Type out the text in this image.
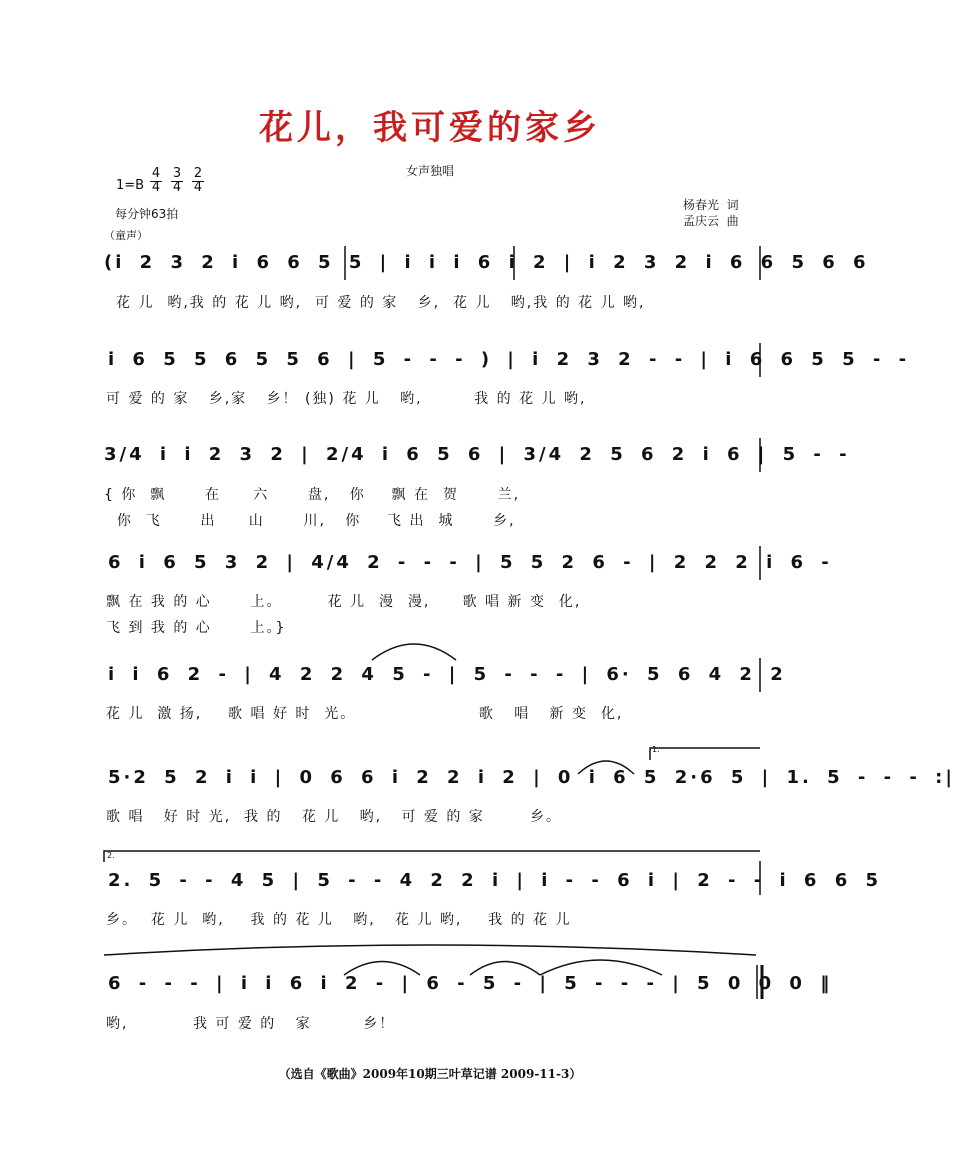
花儿，我可爱的家乡
女声独唱
1=B
4
4
3
4
2
4
每分钟63拍
杨春光 词
孟庆云 曲
（童声）
(i 2 3 2 i 6 6 5 5 | i i i 6 i 2 | i 2 3 2 i 6 6 5 6 6
花 儿  哟,我 的 花 儿 哟,  可 爱 的 家   乡,  花 儿   哟,我 的 花 儿 哟,
i 6 5 5 6 5 5 6 | 5 - - - ) | i 2 3 2 - - | i 6 6 5 5 - -
可 爱 的 家   乡,家   乡！ (独) 花 儿   哟,        我 的 花 儿 哟,
3/4 i i 2 3 2 | 2/4 i 6 5 6 | 3/4 2 5 6 2 i 6 | 5 - -
{ 你  飘      在     六      盘,   你    飘 在  贺      兰,
你  飞      出     山      川,   你    飞 出  城      乡,
6 i 6 5 3 2 | 4/4 2 - - - | 5 5 2 6 - | 2 2 2 i 6 -
飘 在 我 的 心      上。       花 儿  漫  漫,     歌 唱 新 变  化,
飞 到 我 的 心      上。}
i i 6 2 - | 4 2 2 4 5 - | 5 - - - | 6· 5 6 4 2 2
花 儿  激 扬,    歌 唱 好 时  光。                   歌   唱   新 变  化,
1.
5·2 5 2 i i | 0 6 6 i 2 2 i 2 | 0 i 6 5 2·6 5 | 1. 5 - - - :|
歌 唱   好 时 光,  我 的   花 儿   哟,   可 爱 的 家       乡。
2.
2. 5 - - 4 5 | 5 - - 4 2 2 i | i - - 6 i | 2 - - i 6 6 5
乡。  花 儿  哟,    我 的 花 儿   哟,   花 儿 哟,    我 的 花 儿
6 - - - | i i 6 i 2 - | 6 - 5 - | 5 - - - | 5 0 0 0 ‖
哟,          我 可 爱 的   家        乡！
（选自《歌曲》2009年10期三叶草记谱 2009-11-3）
